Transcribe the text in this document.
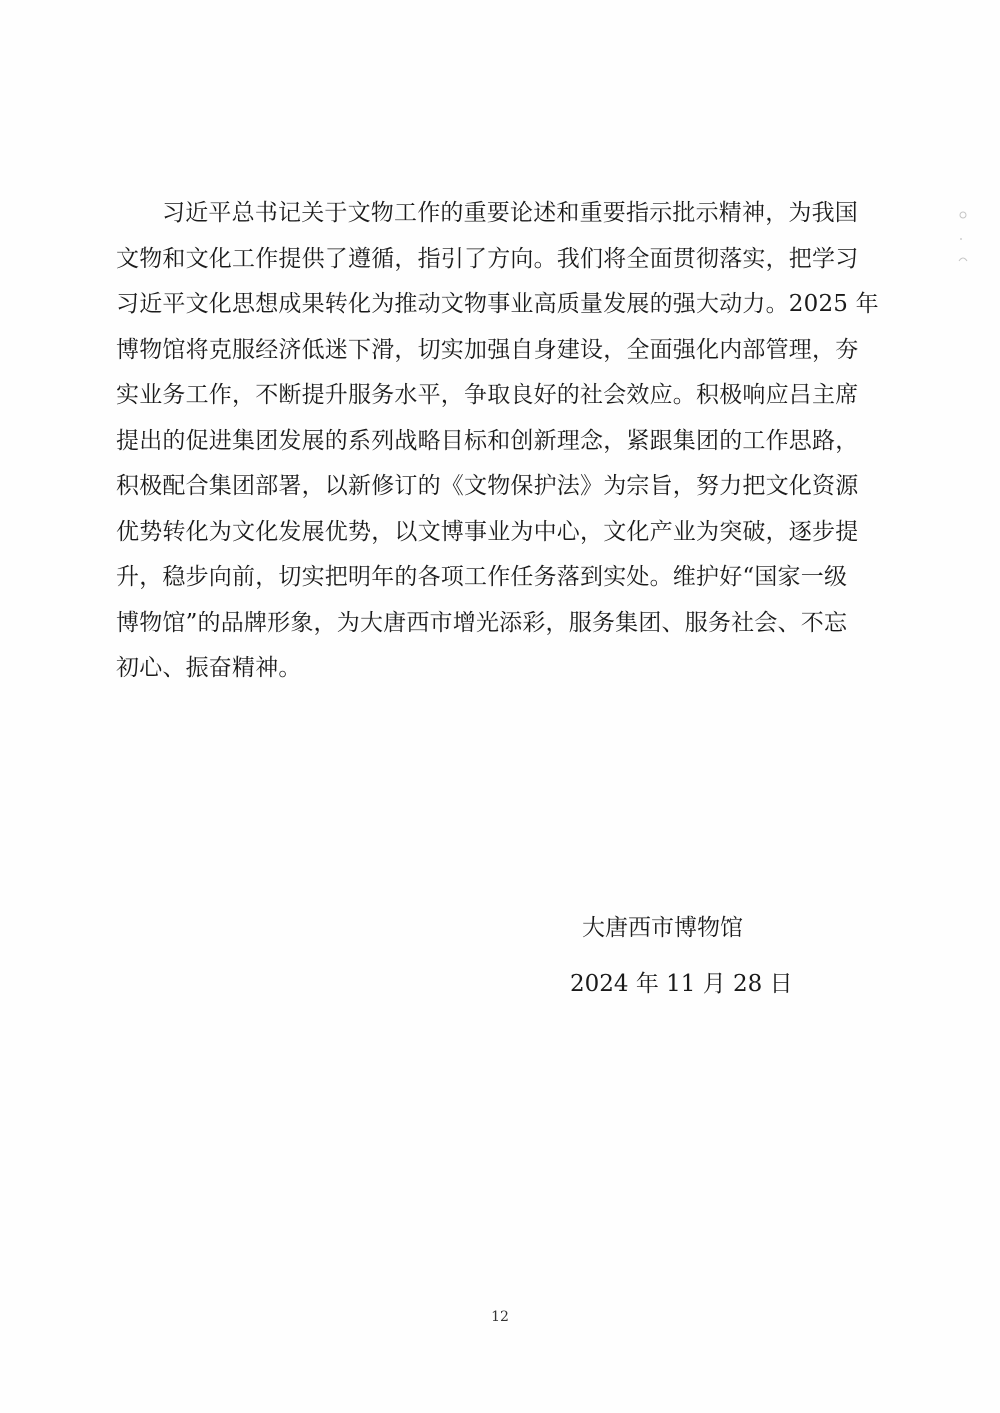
习近平总书记关于文物工作的重要论述和重要指示批示精神，为我国
文物和文化工作提供了遵循，指引了方向。我们将全面贯彻落实，把学习
习近平文化思想成果转化为推动文物事业高质量发展的强大动力。2025 年
博物馆将克服经济低迷下滑，切实加强自身建设，全面强化内部管理，夯
实业务工作，不断提升服务水平，争取良好的社会效应。积极响应吕主席
提出的促进集团发展的系列战略目标和创新理念，紧跟集团的工作思路，
积极配合集团部署，以新修订的《文物保护法》为宗旨，努力把文化资源
优势转化为文化发展优势，以文博事业为中心，文化产业为突破，逐步提
升，稳步向前，切实把明年的各项工作任务落到实处。维护好“国家一级
博物馆”的品牌形象，为大唐西市增光添彩，服务集团、服务社会、不忘
初心、振奋精神。
大唐西市博物馆
2024 年 11 月 28 日
12
